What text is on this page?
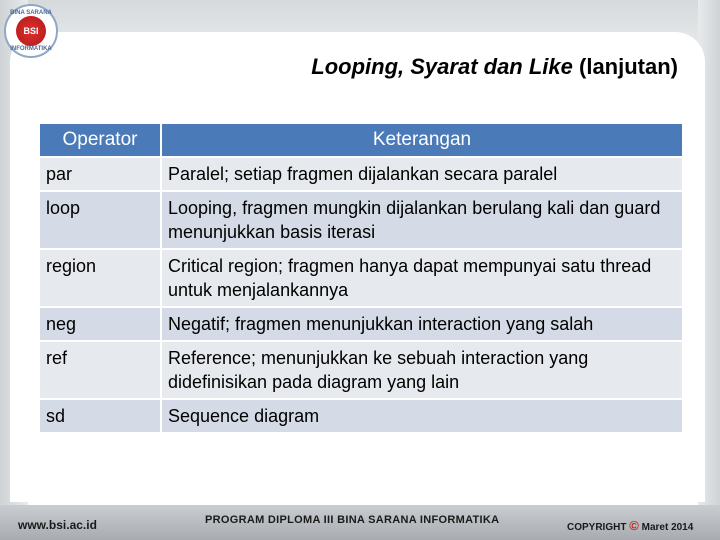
BINA SARANA
BSI
INFORMATIKA
Looping, Syarat dan Like (lanjutan)
Operator	Keterangan
par	Paralel; setiap fragmen dijalankan secara paralel
loop	Looping, fragmen mungkin dijalankan berulang kali dan guard menunjukkan basis iterasi
region	Critical region; fragmen hanya dapat mempunyai satu thread untuk menjalankannya
neg	Negatif; fragmen menunjukkan interaction yang salah
ref	Reference; menunjukkan ke sebuah interaction yang didefinisikan pada diagram yang lain
sd	Sequence diagram
www.bsi.ac.id	PROGRAM DIPLOMA III BINA SARANA INFORMATIKA
COPYRIGHT © Maret 2014
